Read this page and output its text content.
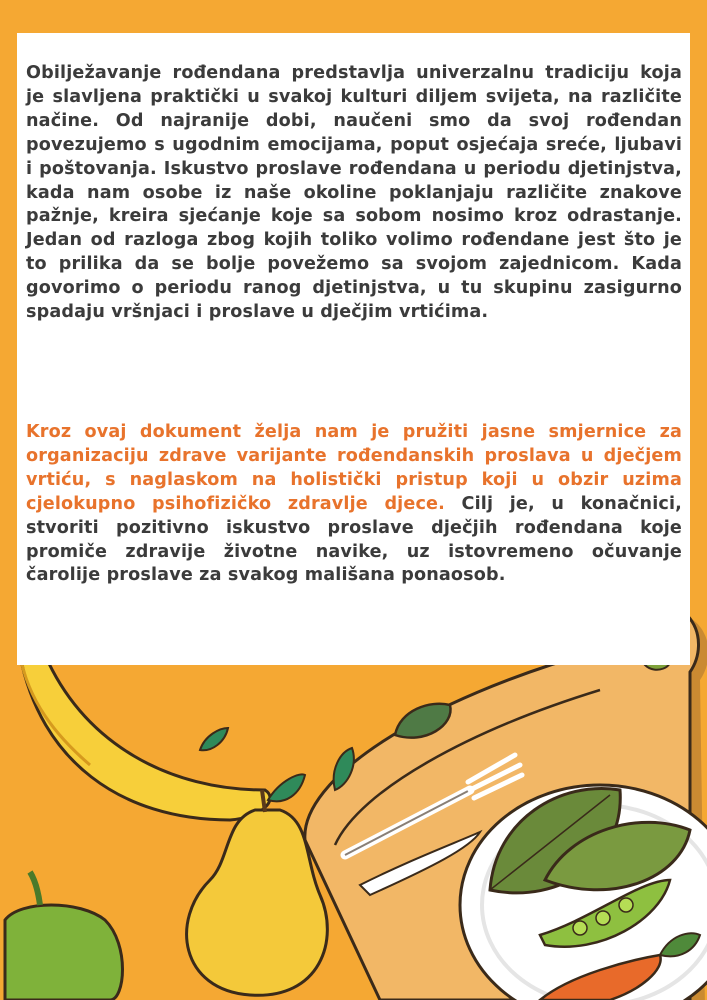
Obilježavanje rođendana predstavlja univerzalnu tradiciju koja je slavljena praktički u svakoj kulturi diljem svijeta, na različite načine. Od najranije dobi, naučeni smo da svoj rođendan povezujemo s ugodnim emocijama, poput osjećaja sreće, ljubavi i poštovanja. Iskustvo proslave rođendana u periodu djetinjstva, kada nam osobe iz naše okoline poklanjaju različite znakove pažnje, kreira sjećanje koje sa sobom nosimo kroz odrastanje. Jedan od razloga zbog kojih toliko volimo rođendane jest što je to prilika da se bolje povežemo sa svojom zajednicom. Kada govorimo o periodu ranog djetinjstva, u tu skupinu zasigurno spadaju vršnjaci i proslave u dječjim vrtićima.

Kroz ovaj dokument želja nam je pružiti jasne smjernice za organizaciju zdrave varijante rođendanskih proslava u dječjem vrtiću, s naglaskom na holistički pristup koji u obzir uzima cjelokupno psihofizičko zdravlje djece. Cilj je, u konačnici, stvoriti pozitivno iskustvo proslave dječjih rođendana koje promiče zdravije životne navike, uz istovremeno očuvanje čarolije proslave za svakog mališana ponaosob.
